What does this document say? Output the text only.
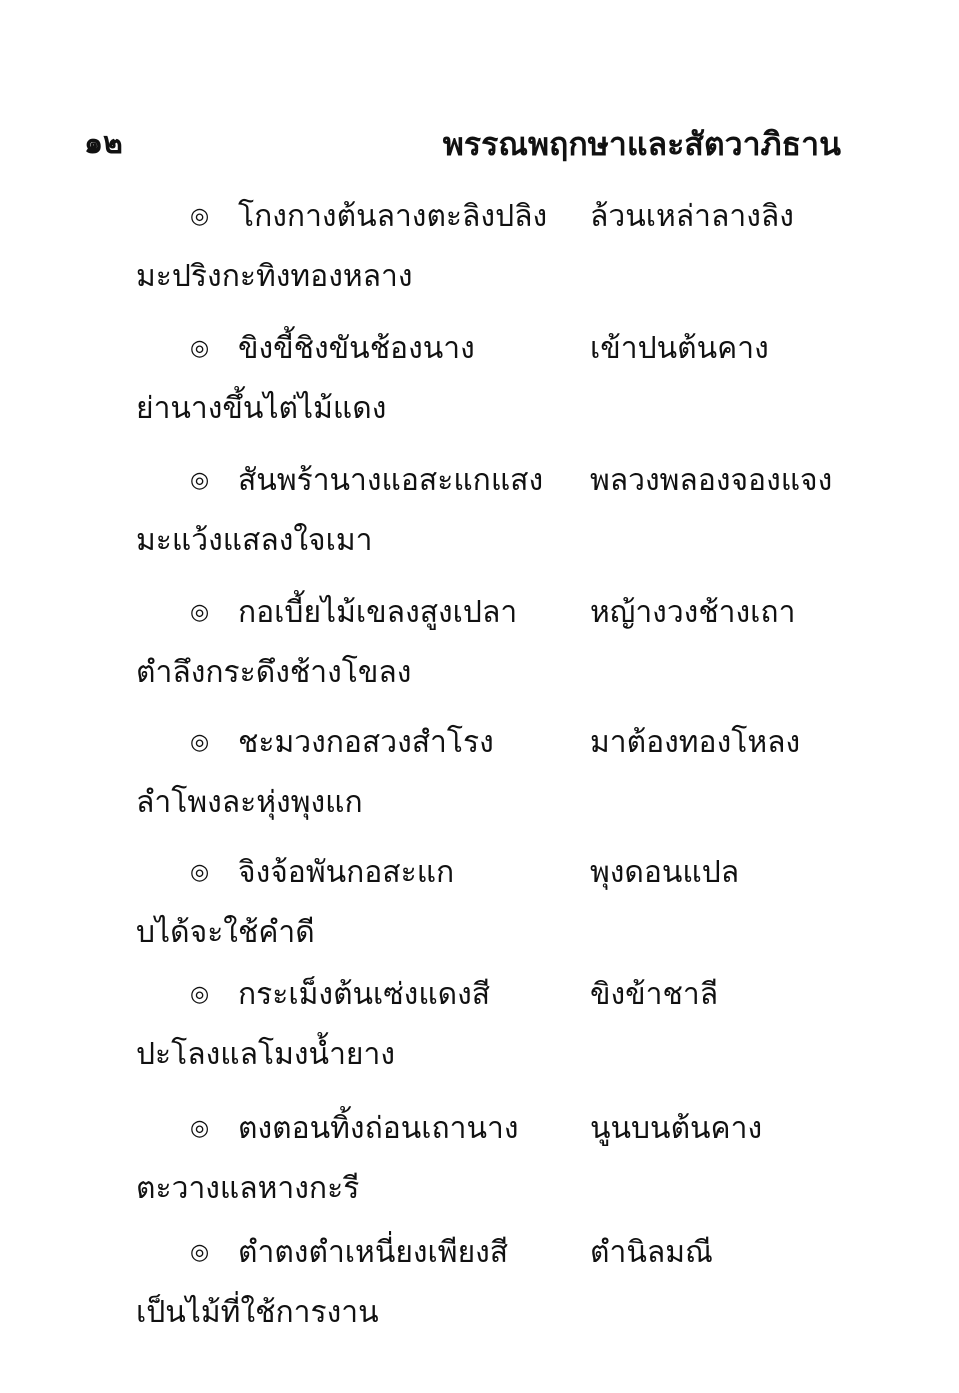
๑๒	พรรณพฤกษาและสัตวาภิธาน
◎ โกงกางต้นลางตะลิงปลิง ล้วนเหล่าลางลิง
มะปริงกะทิงทองหลาง
◎ ขิงขี้ชิงขันช้องนาง	เข้าปนต้นคาง
ย่านางขึ้นไต่ไม้แดง
◎ สันพร้านางแอสะแกแสง พลวงพลองจองแจง
มะแว้งแสลงใจเมา
◎ กอเบี้ยไม้เขลงสูงเปลา หญ้างวงช้างเถา
ตำลึงกระดึงช้างโขลง
◎ ชะมวงกอสวงสำโรง	มาต้องทองโหลง
ลำโพงละหุ่งพุงแก
◎ จิงจ้อพันกอสะแก	พุงดอนแปล
บได้จะใช้คำดี
◎ กระเม็งต้นเซ่งแดงสี	ขิงข้าชาลี
ปะโลงแลโมงน้ำยาง
◎ ตงตอนทิ้งถ่อนเถานาง นูนบนต้นคาง
ตะวางแลหางกะรี
◎ ตำตงตำเหนี่ยงเพียงสี	ตำนิลมณี
เป็นไม้ที่ใช้การงาน
